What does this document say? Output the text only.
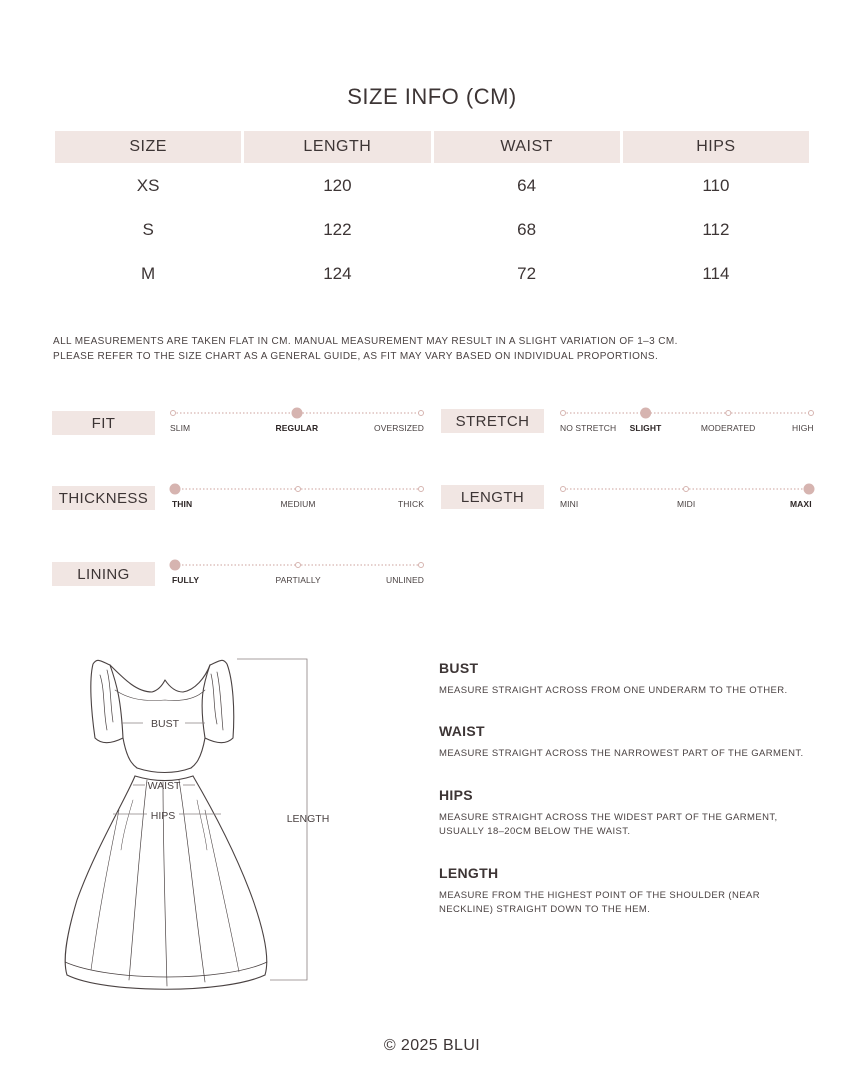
SIZE INFO (CM)
SIZE	LENGTH	WAIST	HIPS
XS	120	64	110
S	122	68	112
M	124	72	114
ALL MEASUREMENTS ARE TAKEN FLAT IN CM. MANUAL MEASUREMENT MAY RESULT IN A SLIGHT VARIATION OF 1–3 CM.
PLEASE REFER TO THE SIZE CHART AS A GENERAL GUIDE, AS FIT MAY VARY BASED ON INDIVIDUAL PROPORTIONS.
FIT	STRETCH
THICKNESS	LENGTH
LINING
SLIM	REGULAR	OVERSIZED	NO STRETCH SLIGHT	MODERATED	HIGH
THIN	MEDIUM	THICK	MINI	MIDI	MAXI
FULLY	PARTIALLY	UNLINED
BUST
WAIST
HIPS	LENGTH
BUST
MEASURE STRAIGHT ACROSS FROM ONE UNDERARM TO THE OTHER.
WAIST
MEASURE STRAIGHT ACROSS THE NARROWEST PART OF THE GARMENT.
HIPS
MEASURE STRAIGHT ACROSS THE WIDEST PART OF THE GARMENT,
USUALLY 18–20CM BELOW THE WAIST.
LENGTH
MEASURE FROM THE HIGHEST POINT OF THE SHOULDER (NEAR
NECKLINE) STRAIGHT DOWN TO THE HEM.
© 2025 BLUI
